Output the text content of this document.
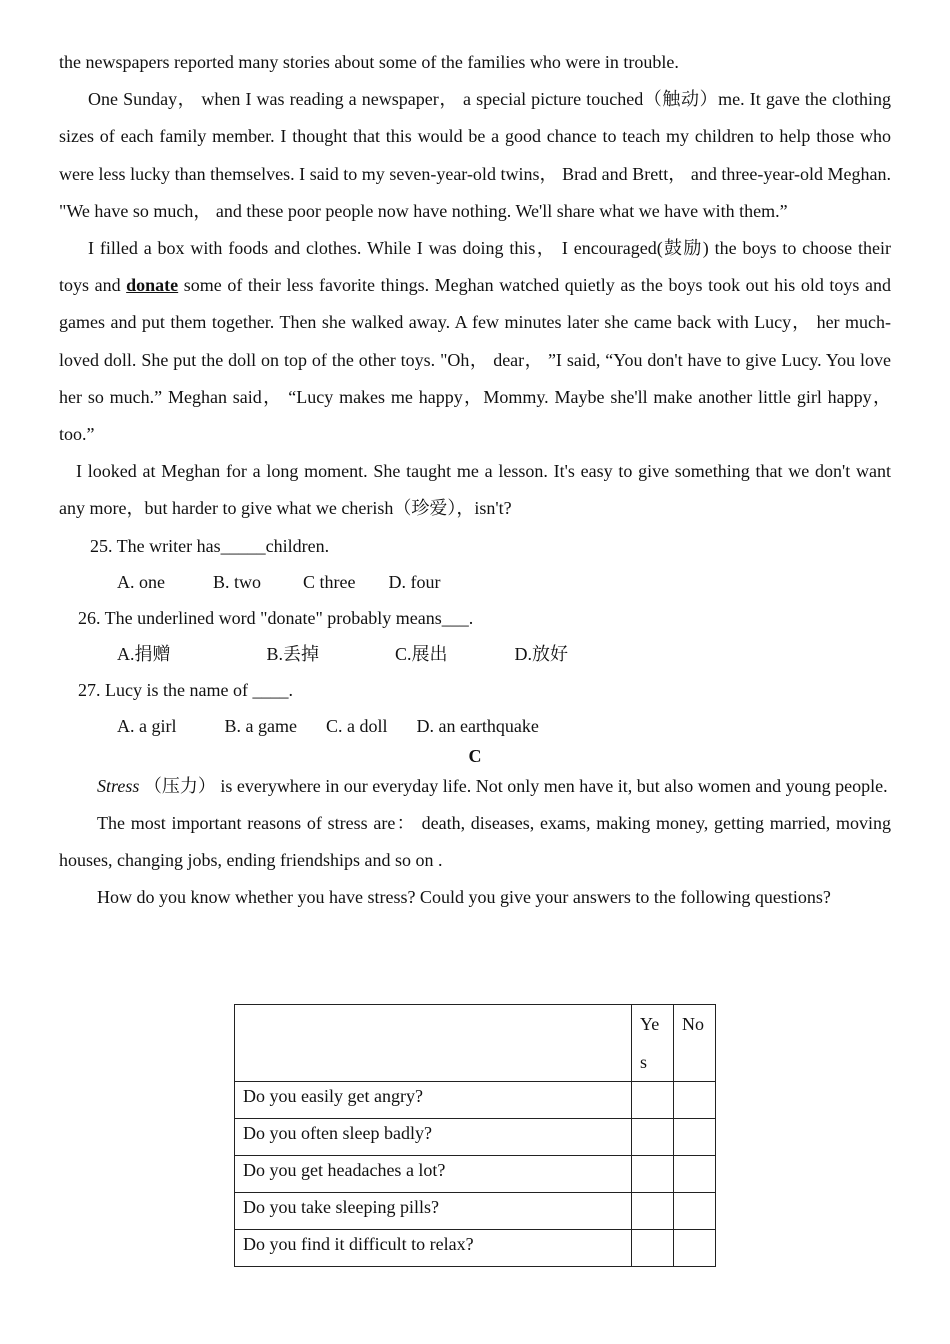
the newspapers reported many stories about some of the families who were in trouble.

One Sunday， when I was reading a newspaper， a special picture touched（触动）me. It gave the clothing sizes of each family member. I thought that this would be a good chance to teach my children to help those who were less lucky than themselves. I said to my seven-year-old twins， Brad and Brett， and three-year-old Meghan. "We have so much， and these poor people now have nothing. We'll share what we have with them.”

I filled a box with foods and clothes. While I was doing this， I encouraged(鼓励) the boys to choose their toys and donate some of their less favorite things. Meghan watched quietly as the boys took out his old toys and games and put them together. Then she walked away. A few minutes later she came back with Lucy， her much-loved doll. She put the doll on top of the other toys. "Oh， dear， ”I said, “You don't have to give Lucy. You love her so much.” Meghan said， “Lucy makes me happy，Mommy. Maybe she'll make another little girl happy，too.”

I looked at Meghan for a long moment. She taught me a lesson. It's easy to give something that we don't want any more，but harder to give what we cherish（珍爱），isn't?

25. The writer has_____children.

A. one	B. two C three D. four

26. The underlined word "donate" probably means___.

A.捐赠	B.丢掉	C.展出	D.放好

27. Lucy is the name of ____.

A. a girl	B. a game C. a doll D. an earthquake

C

Stress （压力） is everywhere in our everyday life. Not only men have it, but also women and young people.

The most important reasons of stress are： death, diseases, exams, making money, getting married, moving houses, changing jobs, ending friendships and so on .

How do you know whether you have stress? Could you give your answers to the following questions?

	Yes	No
Do you easily get angry?		
Do you often sleep badly?		
Do you get headaches a lot?		
Do you take sleeping pills?		
Do you find it difficult to relax?		
